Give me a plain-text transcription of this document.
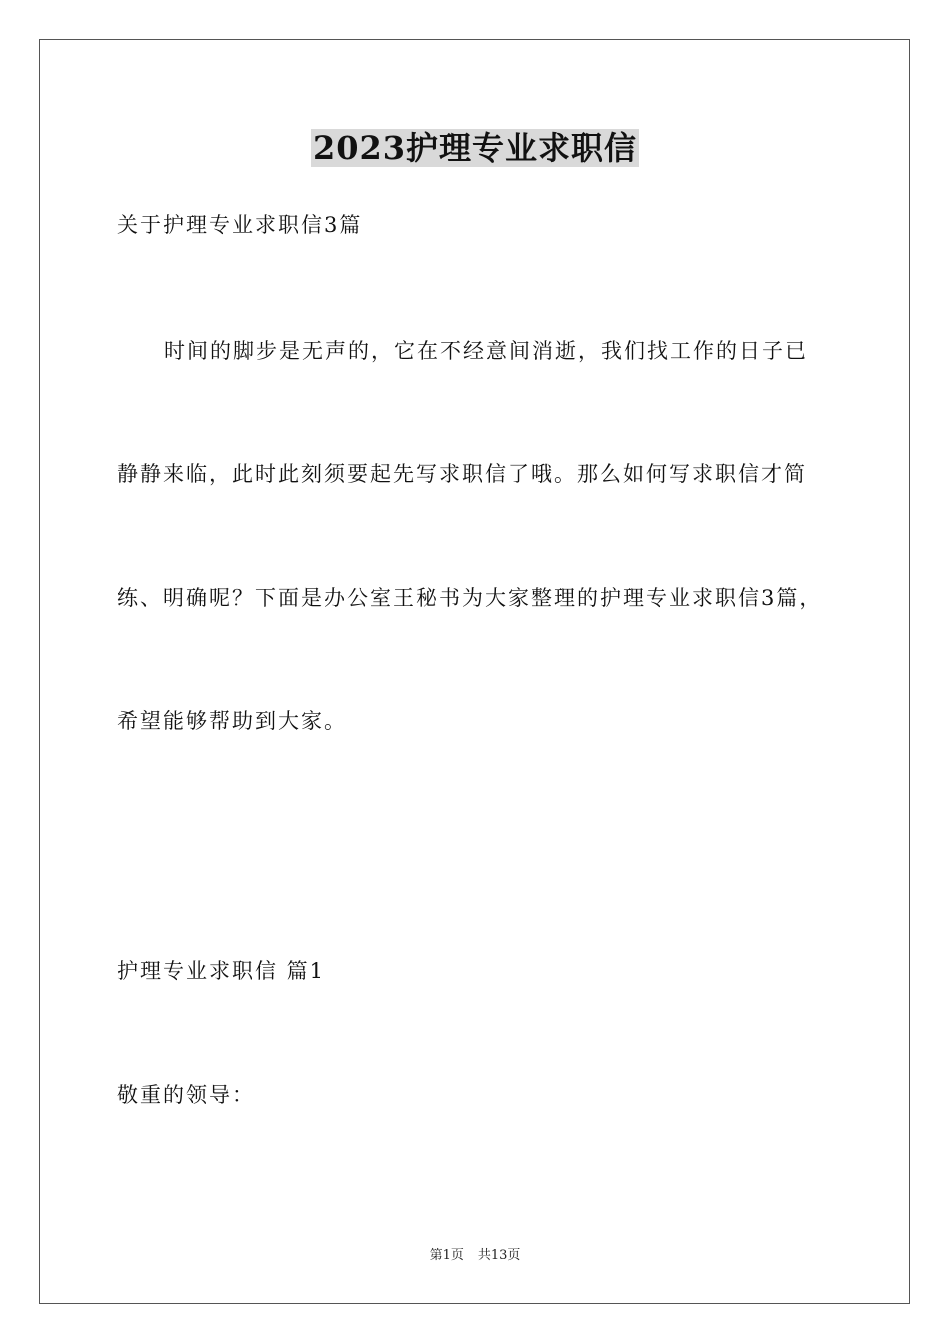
2023护理专业求职信
关于护理专业求职信3篇
时间的脚步是无声的，它在不经意间消逝，我们找工作的日子已
静静来临，此时此刻须要起先写求职信了哦。那么如何写求职信才简
练、明确呢？下面是办公室王秘书为大家整理的护理专业求职信3篇，
希望能够帮助到大家。
护理专业求职信 篇1
敬重的领导：
第1页 共13页
